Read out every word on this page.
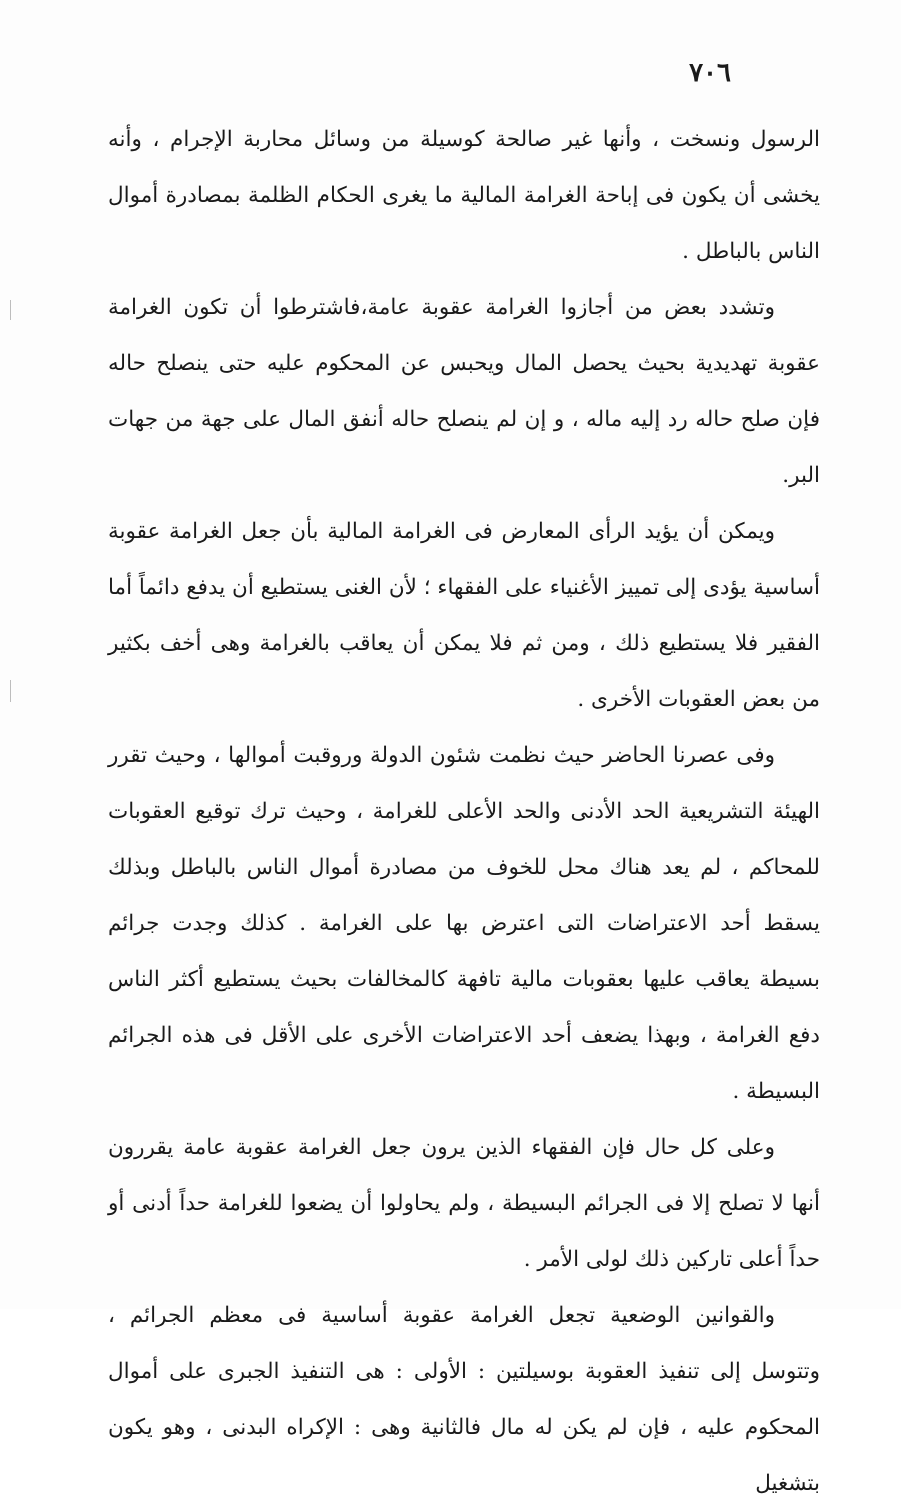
٧٠٦

الرسول ونسخت ، وأنها غير صالحة كوسيلة من وسائل محاربة الإجرام ، وأنه يخشى أن يكون فى إباحة الغرامة المالية ما يغرى الحكام الظلمة بمصادرة أموال الناس بالباطل .

وتشدد بعض من أجازوا الغرامة عقوبة عامة،فاشترطوا أن تكون الغرامة عقوبة تهديدية بحيث يحصل المال ويحبس عن المحكوم عليه حتى ينصلح حاله فإن صلح حاله رد إليه ماله ، و إن لم ينصلح حاله أنفق المال على جهة من جهات البر.

ويمكن أن يؤيد الرأى المعارض فى الغرامة المالية بأن جعل الغرامة عقوبة أساسية يؤدى إلى تمييز الأغنياء على الفقهاء ؛ لأن الغنى يستطيع أن يدفع دائماً أما الفقير فلا يستطيع ذلك ، ومن ثم فلا يمكن أن يعاقب بالغرامة وهى أخف بكثير من بعض العقوبات الأخرى .

وفى عصرنا الحاضر حيث نظمت شئون الدولة وروقبت أموالها ، وحيث تقرر الهيئة التشريعية الحد الأدنى والحد الأعلى للغرامة ، وحيث ترك توقيع العقوبات للمحاكم ، لم يعد هناك محل للخوف من مصادرة أموال الناس بالباطل وبذلك يسقط أحد الاعتراضات التى اعترض بها على الغرامة . كذلك وجدت جرائم بسيطة يعاقب عليها بعقوبات مالية تافهة كالمخالفات بحيث يستطيع أكثر الناس دفع الغرامة ، وبهذا يضعف أحد الاعتراضات الأخرى على الأقل فى هذه الجرائم البسيطة .

وعلى كل حال فإن الفقهاء الذين يرون جعل الغرامة عقوبة عامة يقررون أنها لا تصلح إلا فى الجرائم البسيطة ، ولم يحاولوا أن يضعوا للغرامة حداً أدنى أو حداً أعلى تاركين ذلك لولى الأمر .

والقوانين الوضعية تجعل الغرامة عقوبة أساسية فى معظم الجرائم ، وتتوسل إلى تنفيذ العقوبة بوسيلتين : الأولى : هى التنفيذ الجبرى على أموال المحكوم عليه ، فإن لم يكن له مال فالثانية وهى : الإكراه البدنى ، وهو يكون بتشغيل
